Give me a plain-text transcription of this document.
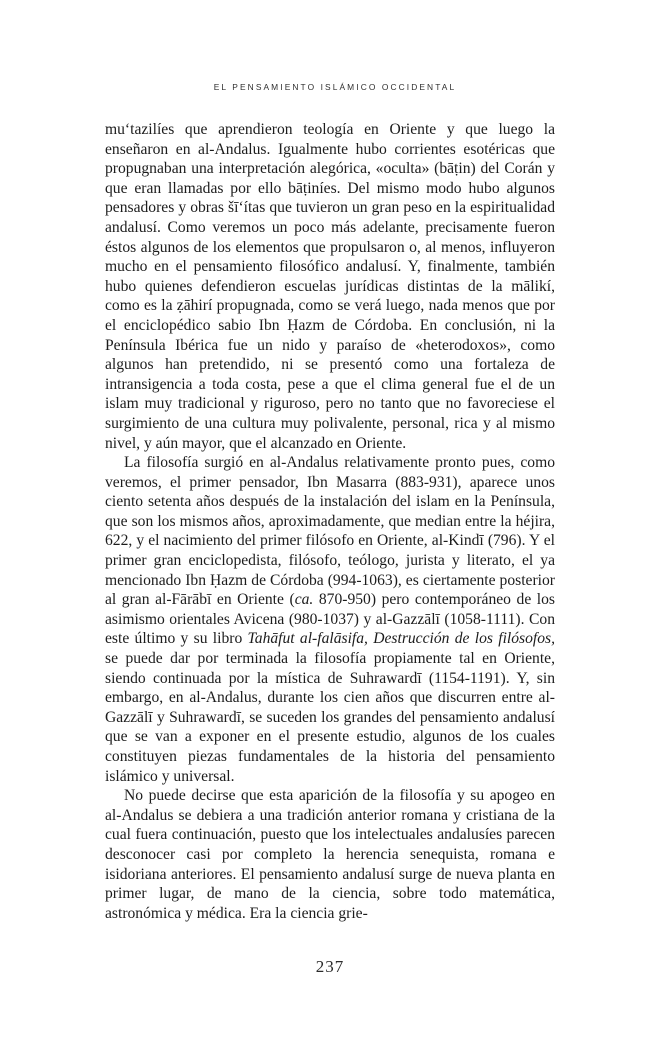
EL PENSAMIENTO ISLÁMICO OCCIDENTAL

mu‘tazilíes que aprendieron teología en Oriente y que luego la enseñaron en al-Andalus. Igualmente hubo corrientes esotéricas que propugnaban una interpretación alegórica, «oculta» (bāṭin) del Corán y que eran llamadas por ello bāṭiníes. Del mismo modo hubo algunos pensadores y obras šī‘ítas que tuvieron un gran peso en la espiritualidad andalusí. Como veremos un poco más adelante, precisamente fueron éstos algunos de los elementos que propulsaron o, al menos, influyeron mucho en el pensamiento filosófico andalusí. Y, finalmente, también hubo quienes defendieron escuelas jurídicas distintas de la mālikí, como es la ẓāhirí propugnada, como se verá luego, nada menos que por el enciclopédico sabio Ibn Ḥazm de Córdoba. En conclusión, ni la Península Ibérica fue un nido y paraíso de «heterodoxos», como algunos han pretendido, ni se presentó como una fortaleza de intransigencia a toda costa, pese a que el clima general fue el de un islam muy tradicional y riguroso, pero no tanto que no favoreciese el surgimiento de una cultura muy polivalente, personal, rica y al mismo nivel, y aún mayor, que el alcanzado en Oriente.

La filosofía surgió en al-Andalus relativamente pronto pues, como veremos, el primer pensador, Ibn Masarra (883-931), aparece unos ciento setenta años después de la instalación del islam en la Península, que son los mismos años, aproximadamente, que median entre la héjira, 622, y el nacimiento del primer filósofo en Oriente, al-Kindī (796). Y el primer gran enciclopedista, filósofo, teólogo, jurista y literato, el ya mencionado Ibn Ḥazm de Córdoba (994-1063), es ciertamente posterior al gran al-Fārābī en Oriente (ca. 870-950) pero contemporáneo de los asimismo orientales Avicena (980-1037) y al-Gazzālī (1058-1111). Con este último y su libro Tahāfut al-falāsifa, Destrucción de los filósofos, se puede dar por terminada la filosofía propiamente tal en Oriente, siendo continuada por la mística de Suhrawardī (1154-1191). Y, sin embargo, en al-Andalus, durante los cien años que discurren entre al-Gazzālī y Suhrawardī, se suceden los grandes del pensamiento andalusí que se van a exponer en el presente estudio, algunos de los cuales constituyen piezas fundamentales de la historia del pensamiento islámico y universal.

No puede decirse que esta aparición de la filosofía y su apogeo en al-Andalus se debiera a una tradición anterior romana y cristiana de la cual fuera continuación, puesto que los intelectuales andalusíes parecen desconocer casi por completo la herencia senequista, romana e isidoriana anteriores. El pensamiento andalusí surge de nueva planta en primer lugar, de mano de la ciencia, sobre todo matemática, astronómica y médica. Era la ciencia grie-

237
